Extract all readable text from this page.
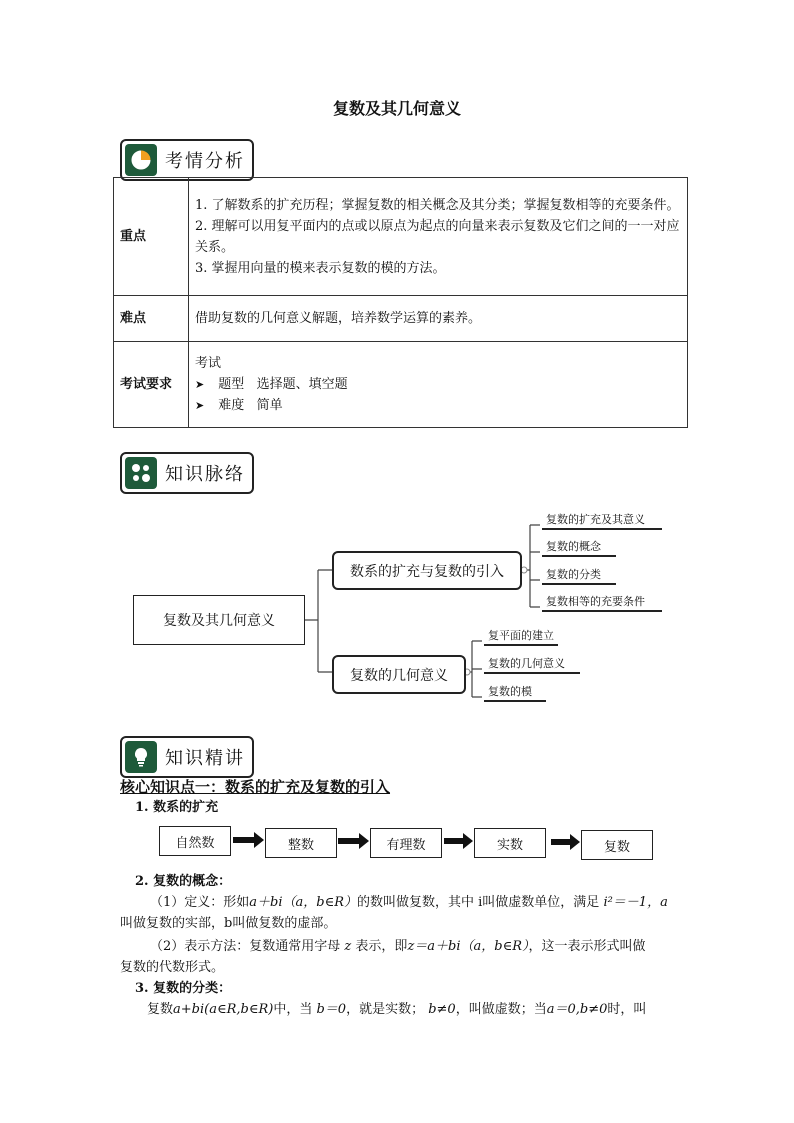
复数及其几何意义
考情分析
重点	1. 了解数系的扩充历程；掌握复数的相关概念及其分类；掌握复数相等的充要条件。
2. 理解可以用复平面内的点或以原点为起点的向量来表示复数及它们之间的一一对应关系。
3. 掌握用向量的模来表示复数的模的方法。

难点	借助复数的几何意义解题，培养数学运算的素养。
考试要求	考试
➤ 题型 选择题、填空题
➤ 难度 简单
知识脉络
复数及其几何意义
数系的扩充与复数的引入
复数的几何意义
复数的扩充及其意义
复数的概念
复数的分类
复数相等的充要条件
复平面的建立
复数的几何意义
复数的模
知识精讲
核心知识点一：数系的扩充及复数的引入
1. 数系的扩充
自然数	整数	有理数	实数	复数
2. 复数的概念：
（1）定义：形如a＋bi（a，b∈R）的数叫做复数，其中 i叫做虚数单位，满足 i²＝－1，a
叫做复数的实部，b叫做复数的虚部。
（2）表示方法：复数通常用字母 z 表示，即z＝a＋bi（a，b∈R），这一表示形式叫做
复数的代数形式。
3. 复数的分类：
复数a+bi(a∈R,b∈R)中，当 b＝0，就是实数； b≠0，叫做虚数；当a＝0,b≠0时，叫
